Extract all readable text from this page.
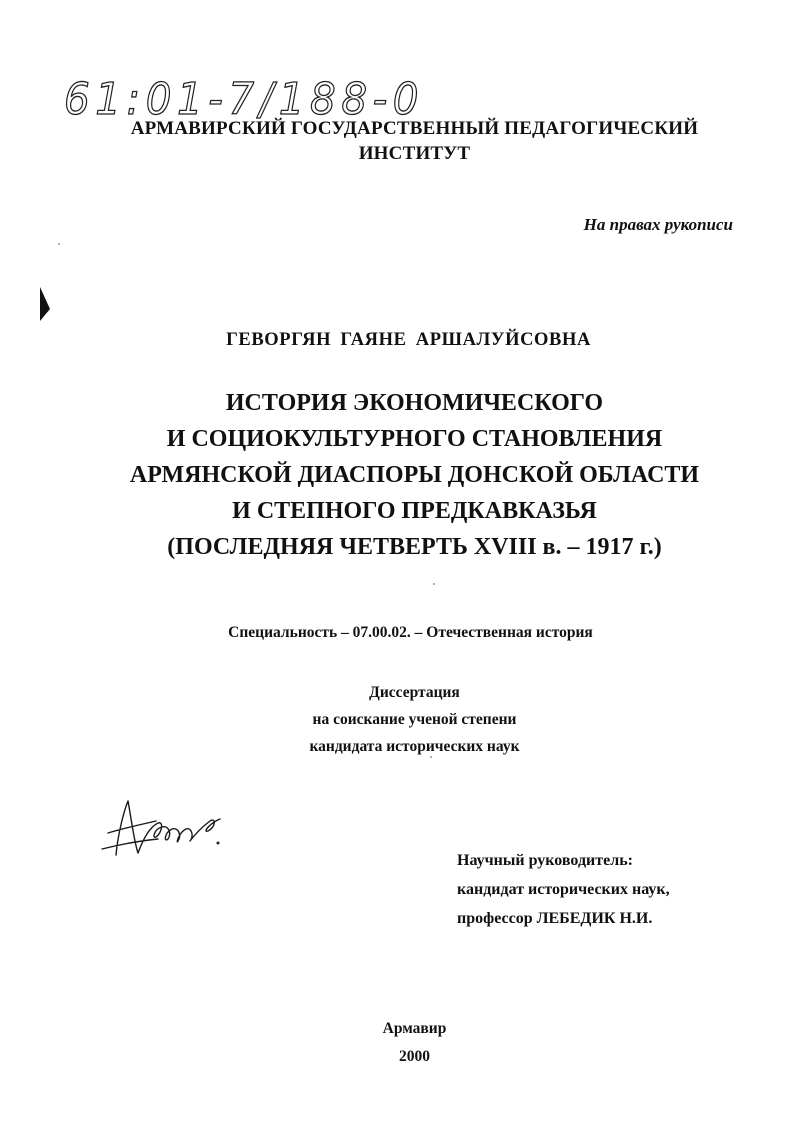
61:01-7/188-0
АРМАВИРСКИЙ ГОСУДАРСТВЕННЫЙ ПЕДАГОГИЧЕСКИЙ
ИНСТИТУТ
На правах рукописи
ГЕВОРГЯН ГАЯНЕ АРШАЛУЙСОВНА
ИСТОРИЯ ЭКОНОМИЧЕСКОГО
И СОЦИОКУЛЬТУРНОГО СТАНОВЛЕНИЯ
АРМЯНСКОЙ ДИАСПОРЫ ДОНСКОЙ ОБЛАСТИ
И СТЕПНОГО ПРЕДКАВКАЗЬЯ
(ПОСЛЕДНЯЯ ЧЕТВЕРТЬ XVIII в. – 1917 г.)
Специальность – 07.00.02. – Отечественная история
Диссертация
на соискание ученой степени
кандидата исторических наук
Научный руководитель:
кандидат исторических наук,
профессор ЛЕБЕДИК Н.И.
Армавир
2000
